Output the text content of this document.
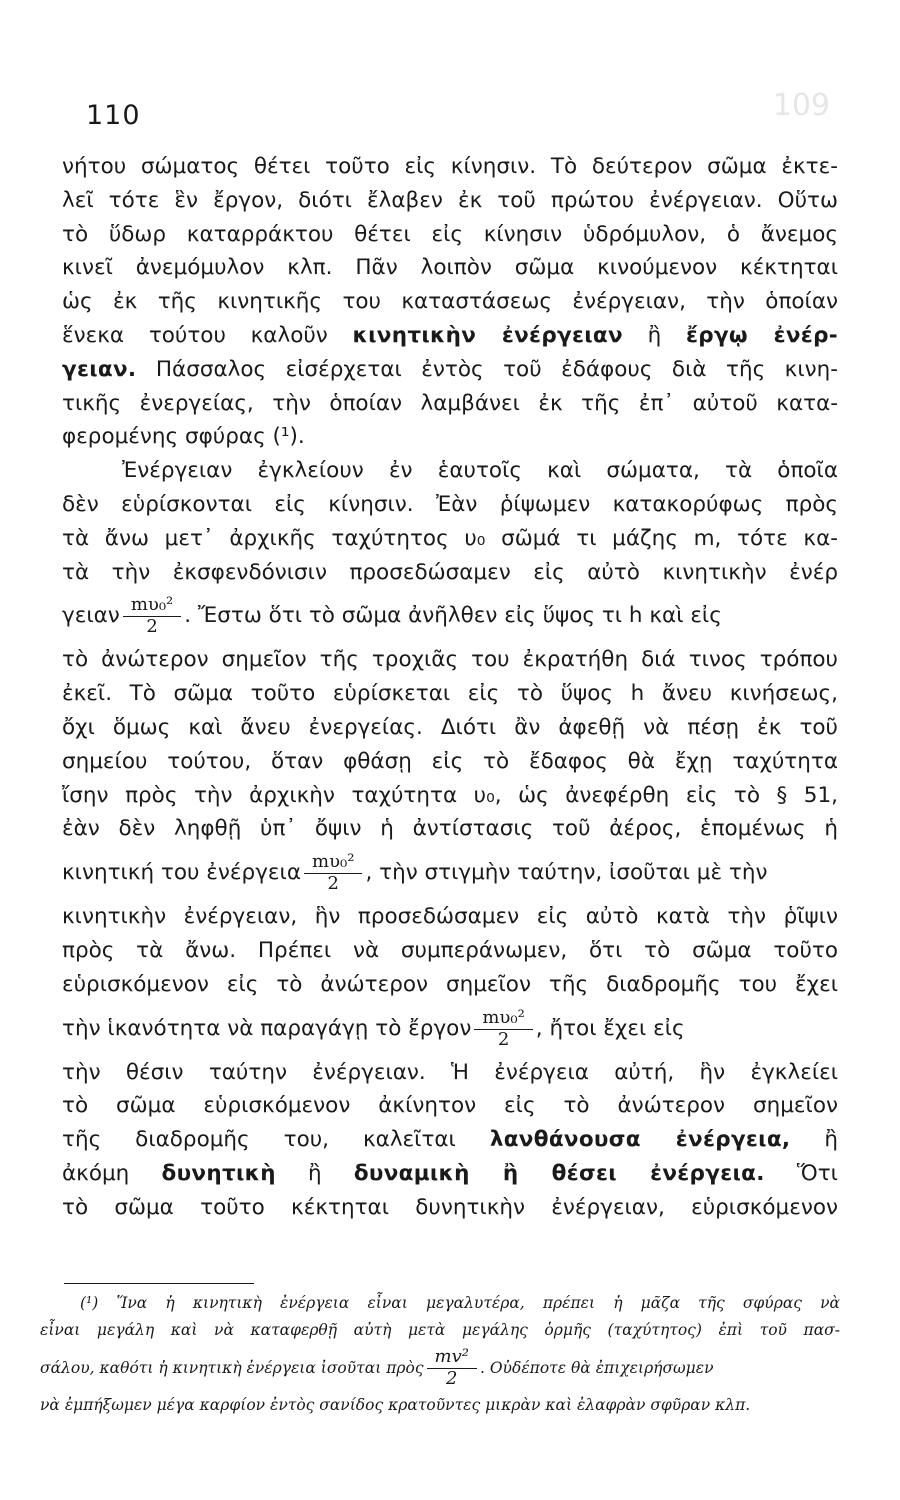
109
110
νήτου σώματος θέτει τοῦτο εἰς κίνησιν. Τὸ δεύτερον σῶμα ἐκτε-
λεῖ τότε ἓν ἔργον, διότι ἔλαβεν ἐκ τοῦ πρώτου ἐνέργειαν. Οὕτω
τὸ ὕδωρ καταρράκτου θέτει εἰς κίνησιν ὑδρόμυλον, ὁ ἄνεμος
κινεῖ ἀνεμόμυλον κλπ. Πᾶν λοιπὸν σῶμα κινούμενον κέκτηται
ὡς ἐκ τῆς κινητικῆς του καταστάσεως ἐνέργειαν, τὴν ὁποίαν
ἕνεκα τούτου καλοῦν κινητικὴν ἐνέργειαν ἢ ἔργῳ ἐνέρ-
γειαν. Πάσσαλος εἰσέρχεται ἐντὸς τοῦ ἐδάφους διὰ τῆς κινη-
τικῆς ἐνεργείας, τὴν ὁποίαν λαμβάνει ἐκ τῆς ἐπ᾿ αὐτοῦ κατα-
φερομένης σφύρας (¹).
Ἐνέργειαν ἐγκλείουν ἐν ἑαυτοῖς καὶ σώματα, τὰ ὁποῖα
δὲν εὑρίσκονται εἰς κίνησιν. Ἐὰν ῥίψωμεν κατακορύφως πρὸς
τὰ ἄνω μετ᾿ ἀρχικῆς ταχύτητος υ₀ σῶμά τι μάζης m, τότε κα-
τὰ τὴν ἐκσφενδόνισιν προσεδώσαμεν εἰς αὐτὸ κινητικὴν ἐνέρ
γειαν $\frac{\text{mυ₀²}}{2}$ . Ἔστω ὅτι τὸ σῶμα ἀνῆλθεν εἰς ὕψος τι h καὶ εἰς
τὸ ἀνώτερον σημεῖον τῆς τροχιᾶς του ἐκρατήθη διά τινος τρόπου
ἐκεῖ. Τὸ σῶμα τοῦτο εὑρίσκεται εἰς τὸ ὕψος h ἄνευ κινήσεως,
ὄχι ὅμως καὶ ἄνευ ἐνεργείας. Διότι ἂν ἀφεθῇ νὰ πέσῃ ἐκ τοῦ
σημείου τούτου, ὅταν φθάσῃ εἰς τὸ ἔδαφος θὰ ἔχῃ ταχύτητα
ἴσην πρὸς τὴν ἀρχικὴν ταχύτητα υ₀, ὡς ἀνεφέρθη εἰς τὸ § 51,
ἐὰν δὲν ληφθῇ ὑπ᾿ ὄψιν ἡ ἀντίστασις τοῦ ἀέρος, ἑπομένως ἡ
κινητική του ἐνέργεια $\frac{\text{mυ₀²}}{2}$ , τὴν στιγμὴν ταύτην, ἰσοῦται μὲ τὴν
κινητικὴν ἐνέργειαν, ἣν προσεδώσαμεν εἰς αὐτὸ κατὰ τὴν ῥῖψιν
πρὸς τὰ ἄνω. Πρέπει νὰ συμπεράνωμεν, ὅτι τὸ σῶμα τοῦτο
εὑρισκόμενον εἰς τὸ ἀνώτερον σημεῖον τῆς διαδρομῆς του ἔχει
τὴν ἱκανότητα νὰ παραγάγῃ τὸ ἔργον $\frac{\text{mυ₀²}}{2}$ , ἤτοι ἔχει εἰς
τὴν θέσιν ταύτην ἐνέργειαν. Ἡ ἐνέργεια αὐτή, ἣν ἐγκλείει
τὸ σῶμα εὑρισκόμενον ἀκίνητον εἰς τὸ ἀνώτερον σημεῖον
τῆς διαδρομῆς του, καλεῖται λανθάνουσα ἐνέργεια, ἢ
ἀκόμη δυνητικὴ ἢ δυναμικὴ ἢ θέσει ἐνέργεια. Ὅτι
τὸ σῶμα τοῦτο κέκτηται δυνητικὴν ἐνέργειαν, εὑρισκόμενον
(¹) Ἵνα ἡ κινητικὴ ἐνέργεια εἶναι μεγαλυτέρα, πρέπει ἡ μᾶζα τῆς σφύρας νὰ
εἶναι μεγάλη καὶ νὰ καταφερθῇ αὐτὴ μετὰ μεγάλης ὁρμῆς (ταχύτητος) ἐπὶ τοῦ πασ-
σάλου, καθότι ἡ κινητικὴ ἐνέργεια ἰσοῦται πρὸς $\frac{\text{mv²}}{2}$ . Οὐδέποτε θὰ ἐπιχειρήσωμεν
νὰ ἐμπήξωμεν μέγα καρφίον ἐντὸς σανίδος κρατοῦντες μικρὰν καὶ ἐλαφρὰν σφῦραν κλπ.
